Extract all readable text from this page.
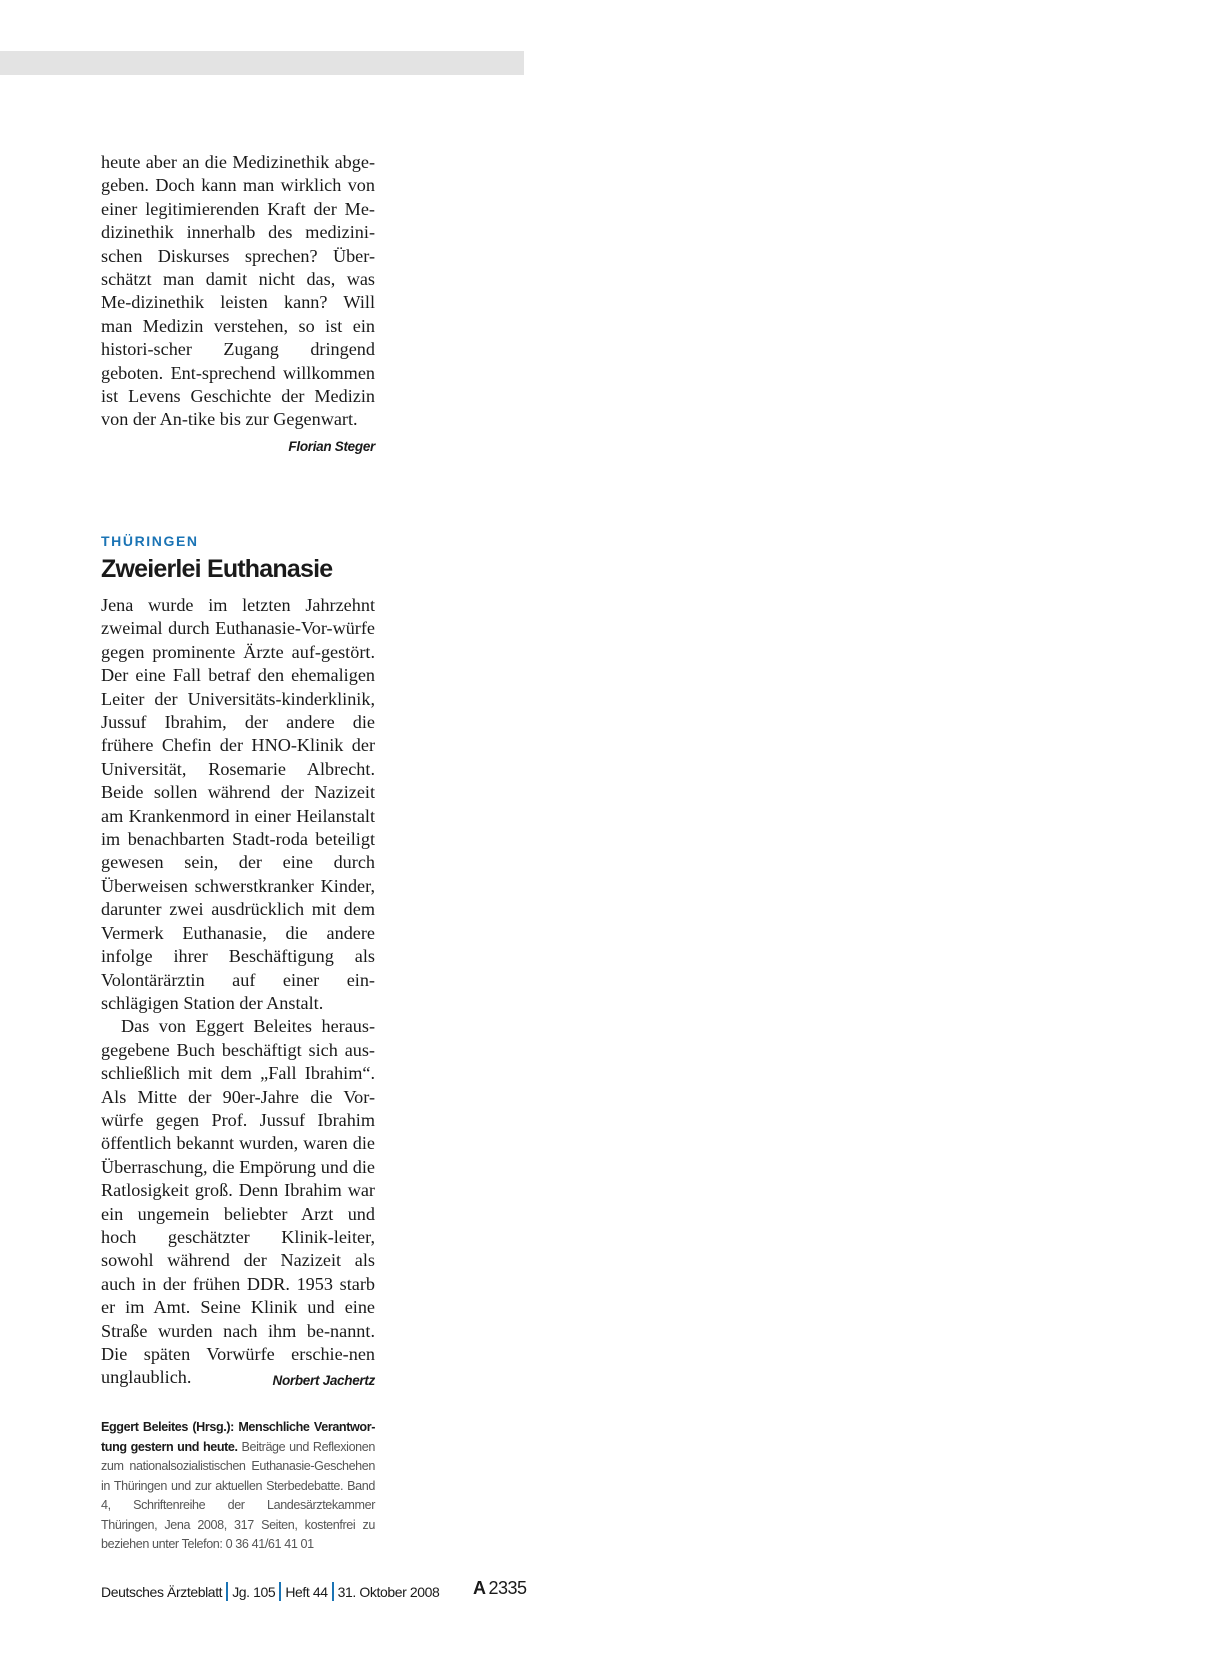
heute aber an die Medizinethik abge-geben. Doch kann man wirklich von einer legitimierenden Kraft der Me-dizinethik innerhalb des medizini-schen Diskurses sprechen? Über-schätzt man damit nicht das, was Me-dizinethik leisten kann? Will man Medizin verstehen, so ist ein histori-scher Zugang dringend geboten. Ent-sprechend willkommen ist Levens Geschichte der Medizin von der An-tike bis zur Gegenwart.
Florian Steger

THÜRINGEN
Zweierlei Euthanasie

Jena wurde im letzten Jahrzehnt zweimal durch Euthanasie-Vor-würfe gegen prominente Ärzte auf-gestört. Der eine Fall betraf den ehemaligen Leiter der Universitäts-kinderklinik, Jussuf Ibrahim, der andere die frühere Chefin der HNO-Klinik der Universität, Rosemarie Albrecht. Beide sollen während der Nazizeit am Krankenmord in einer Heilanstalt im benachbarten Stadt-roda beteiligt gewesen sein, der eine durch Überweisen schwerstkranker Kinder, darunter zwei ausdrücklich mit dem Vermerk Euthanasie, die andere infolge ihrer Beschäftigung als Volontärärztin auf einer ein-schlägigen Station der Anstalt.

Das von Eggert Beleites heraus-gegebene Buch beschäftigt sich aus-schließlich mit dem „Fall Ibrahim“. Als Mitte der 90er-Jahre die Vor-würfe gegen Prof. Jussuf Ibrahim öffentlich bekannt wurden, waren die Überraschung, die Empörung und die Ratlosigkeit groß. Denn Ibrahim war ein ungemein beliebter Arzt und hoch geschätzter Klinik-leiter, sowohl während der Nazizeit als auch in der frühen DDR. 1953 starb er im Amt. Seine Klinik und eine Straße wurden nach ihm be-nannt. Die späten Vorwürfe erschie-nen unglaublich.	Norbert Jachertz

Eggert Beleites (Hrsg.): Menschliche Verantwor-tung gestern und heute. Beiträge und Reflexionen zum nationalsozialistischen Euthanasie-Geschehen in Thüringen und zur aktuellen Sterbedebatte. Band 4, Schriftenreihe der Landesärztekammer Thüringen, Jena 2008, 317 Seiten, kostenfrei zu beziehen unter Telefon: 0 36 41/61 41 01
Deutsches Ärzteblatt Jg. 105 Heft 44 31. Oktober 2008 A 2335
